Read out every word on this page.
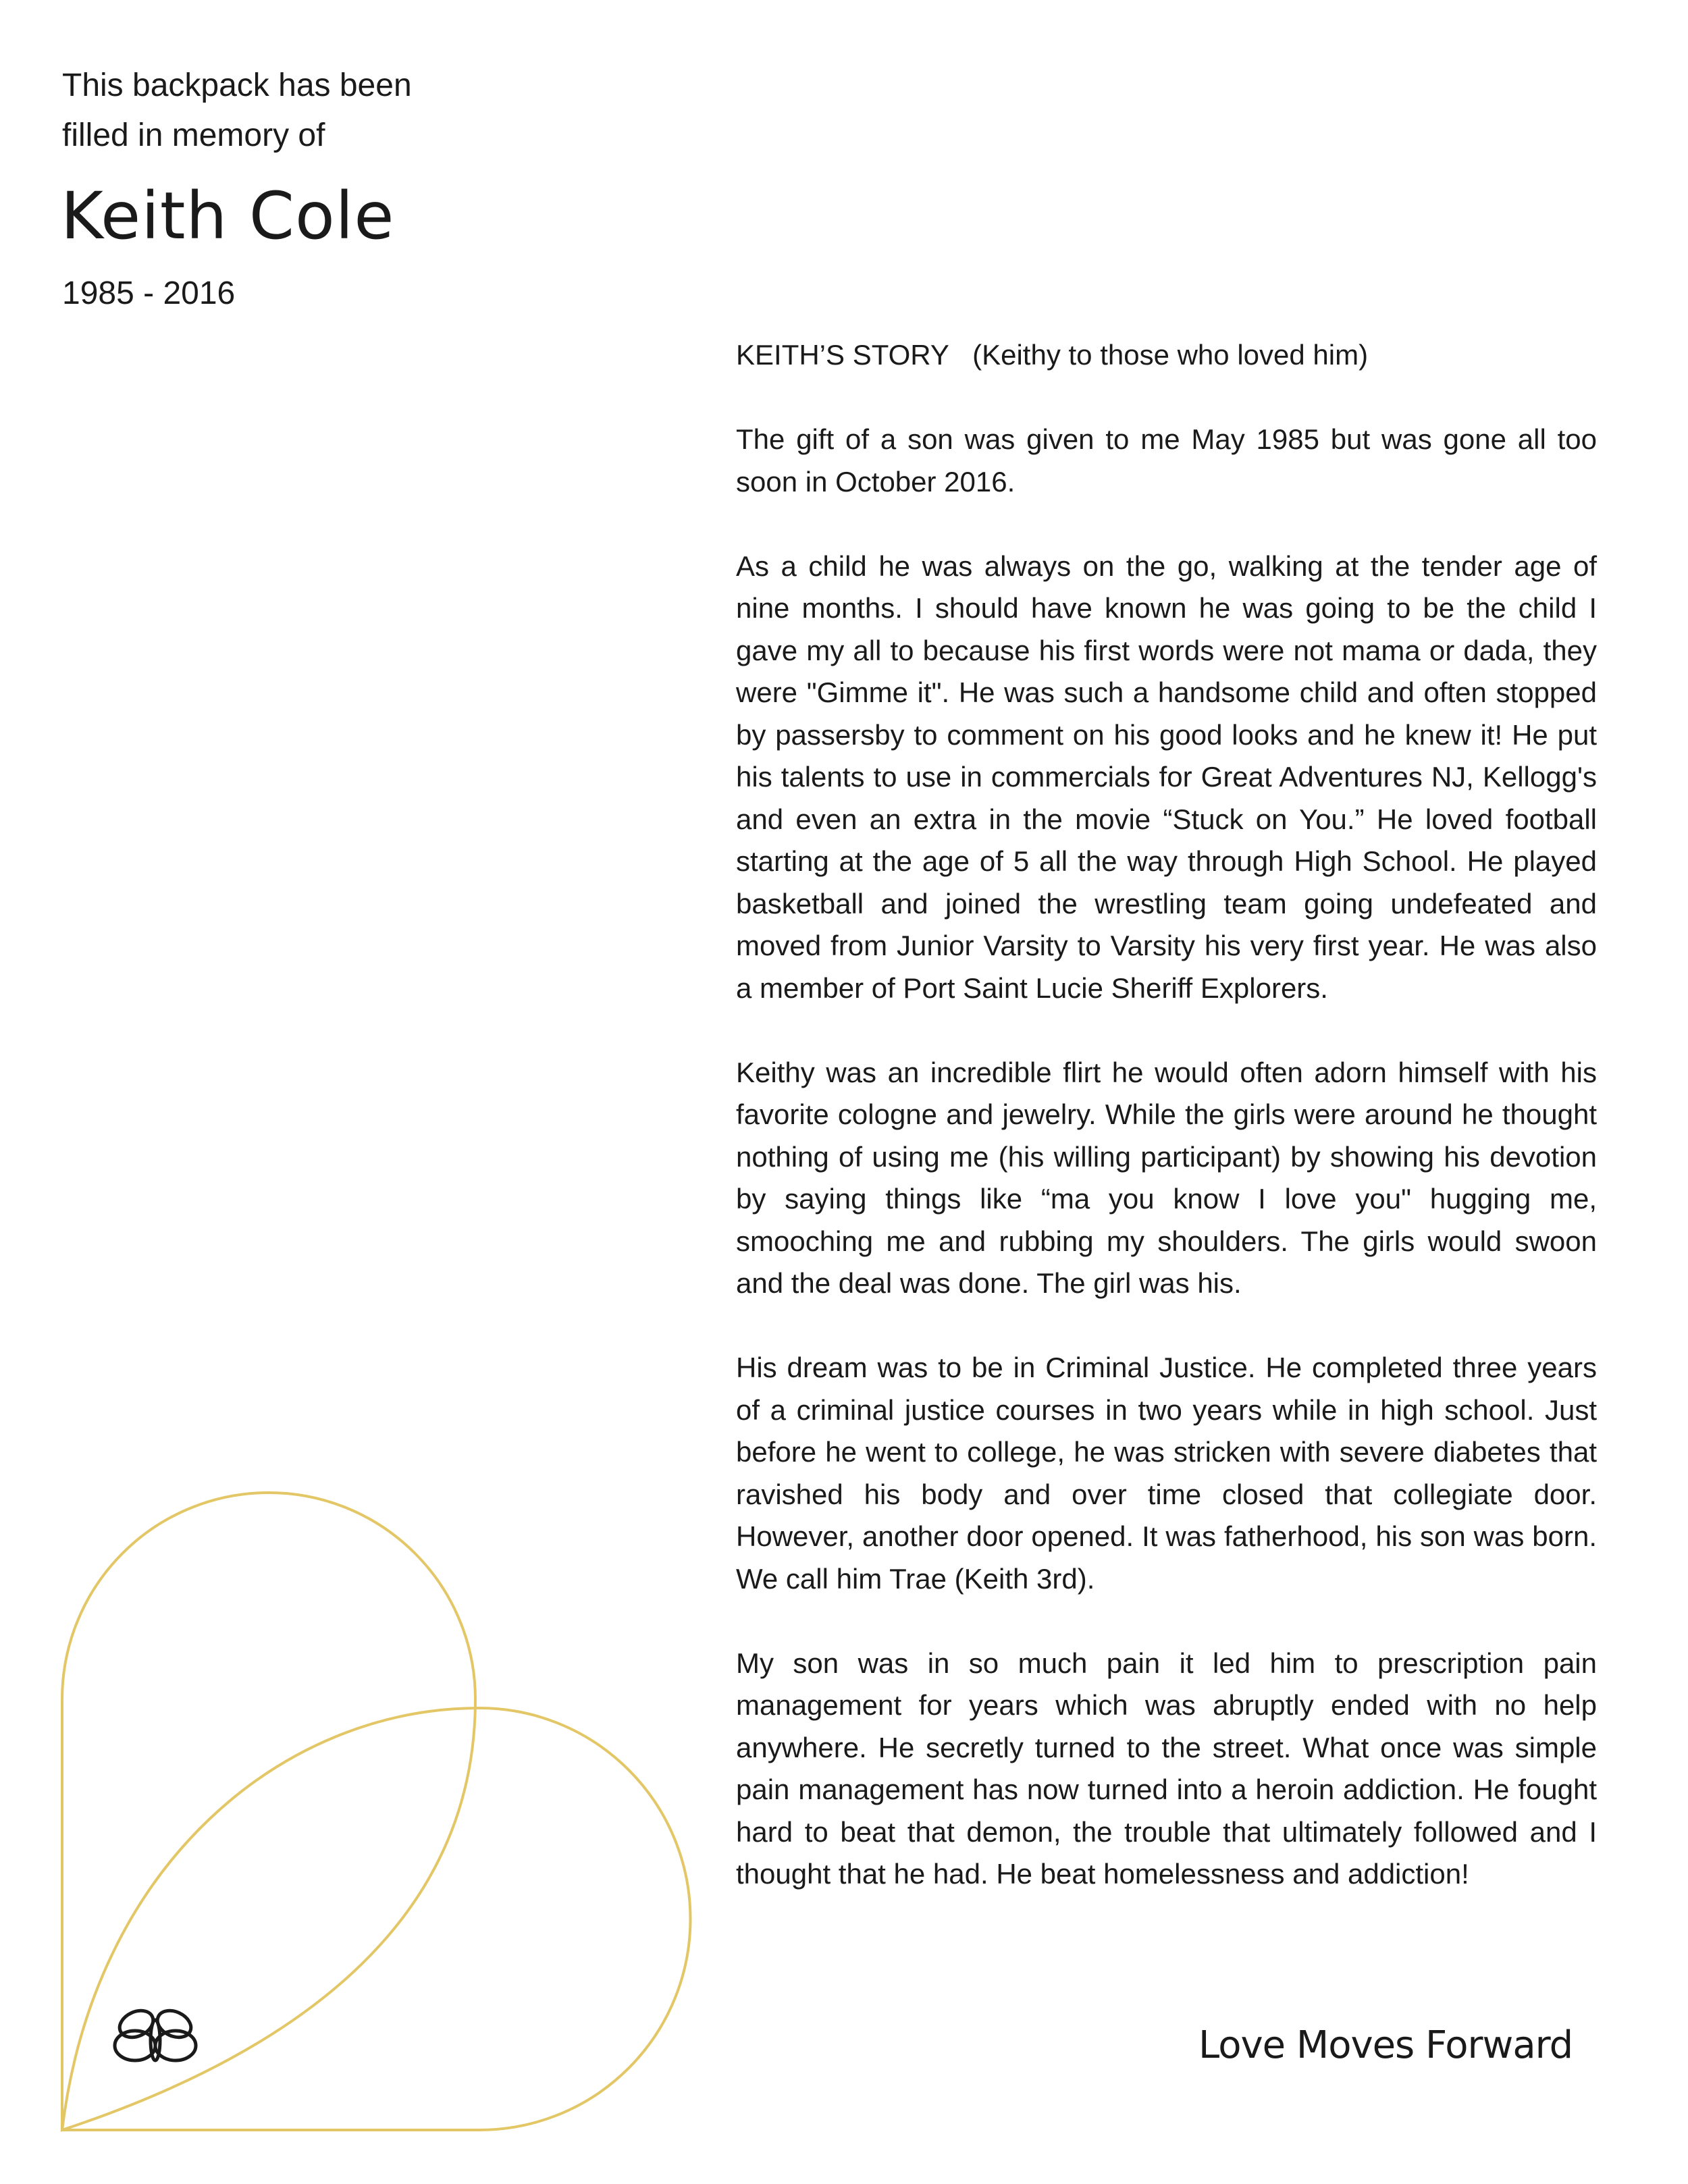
This backpack has been
filled in memory of

Keith Cole

1985 - 2016

KEITH’S STORY   (Keithy to those who loved him)

The gift of a son was given to me May 1985 but was gone all too soon in October 2016.

As a child he was always on the go, walking at the tender age of nine months. I should have known he was going to be the child I gave my all to because his first words were not mama or dada, they were "Gimme it". He was such a handsome child and often stopped by passersby to comment on his good looks and he knew it! He put his talents to use in commercials for Great Adventures NJ, Kellogg's and even an extra in the movie “Stuck on You.” He loved football starting at the age of 5 all the way through High School. He played basketball and joined the wrestling team going undefeated and moved from Junior Varsity to Varsity his very first year. He was also a member of Port Saint Lucie Sheriff Explorers.

Keithy was an incredible flirt he would often adorn himself with his favorite cologne and jewelry. While the girls were around he thought nothing of using me (his willing participant) by showing his devotion by saying things like “ma you know I love you" hugging me, smooching me and rubbing my shoulders. The girls would swoon and the deal was done. The girl was his.

His dream was to be in Criminal Justice. He completed three years of a criminal justice courses in two years while in high school. Just before he went to college, he was stricken with severe diabetes that ravished his body and over time closed that collegiate door. However, another door opened. It was fatherhood, his son was born. We call him Trae (Keith 3rd).

My son was in so much pain it led him to prescription pain management for years which was abruptly ended with no help anywhere. He secretly turned to the street. What once was simple pain management has now turned into a heroin addiction. He fought hard to beat that demon, the trouble that ultimately followed and I thought that he had. He beat homelessness and addiction!

Love Moves Forward
